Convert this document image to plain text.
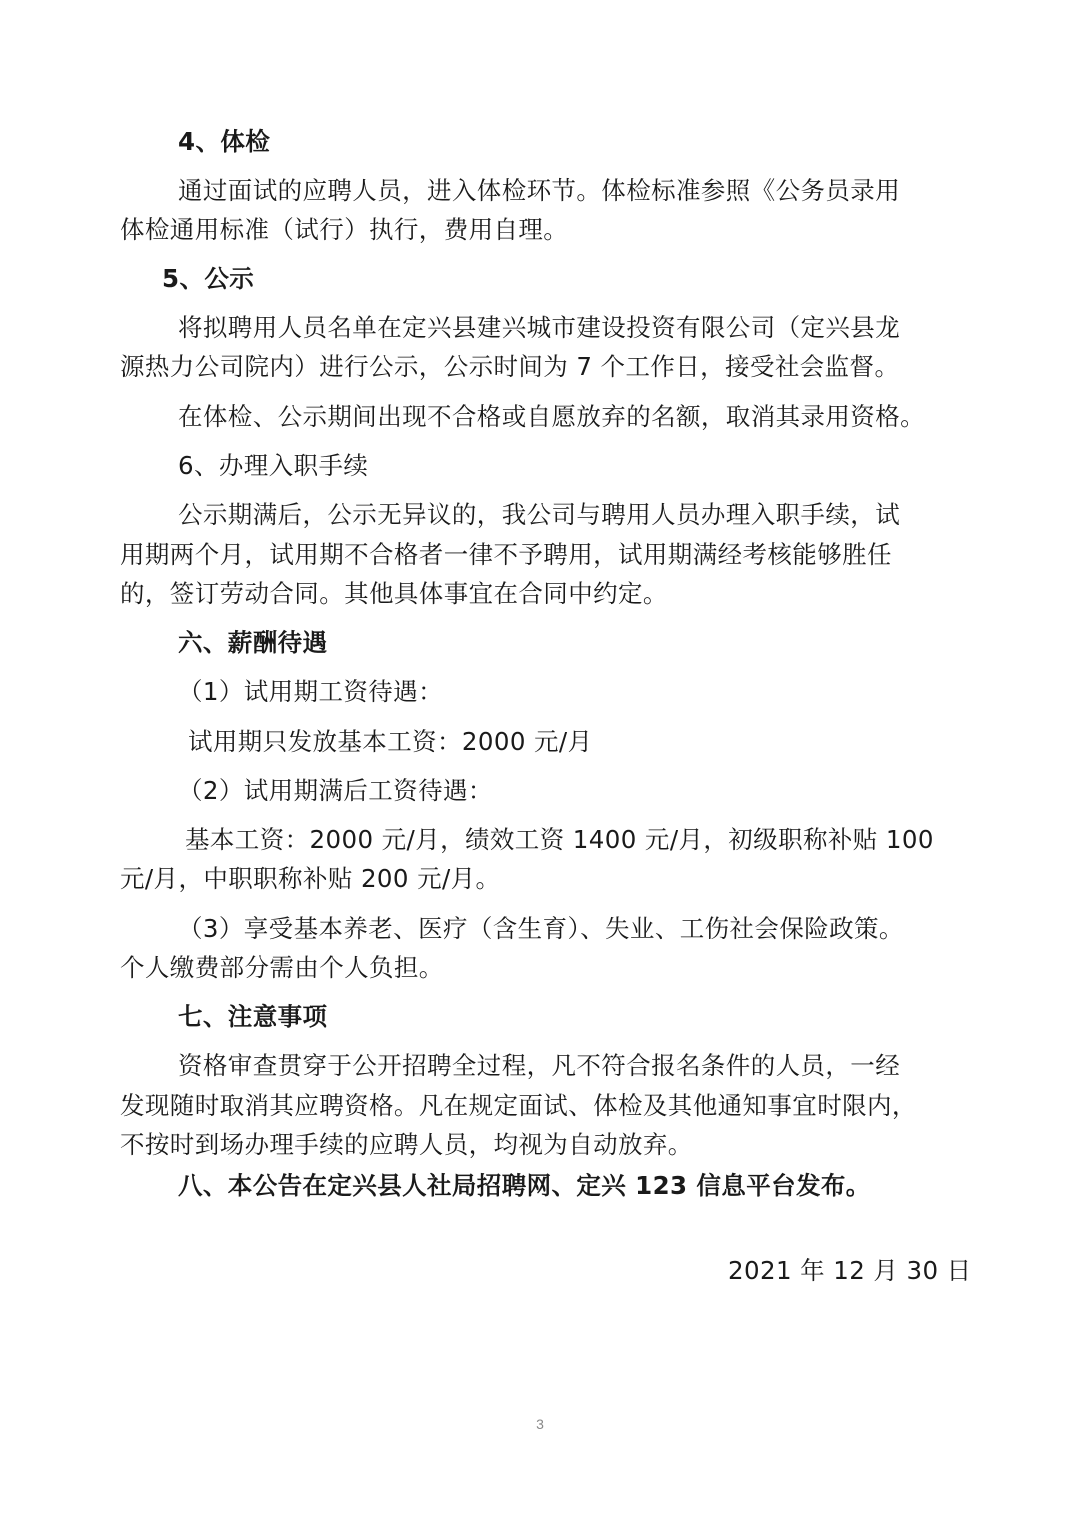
4、体检
通过面试的应聘人员，进入体检环节。体检标准参照《公务员录用
体检通用标准（试行）执行，费用自理。
5、公示
将拟聘用人员名单在定兴县建兴城市建设投资有限公司（定兴县龙
源热力公司院内）进行公示，公示时间为 7 个工作日，接受社会监督。
在体检、公示期间出现不合格或自愿放弃的名额，取消其录用资格。
6、办理入职手续
公示期满后，公示无异议的，我公司与聘用人员办理入职手续，试
用期两个月，试用期不合格者一律不予聘用，试用期满经考核能够胜任
的，签订劳动合同。其他具体事宜在合同中约定。
六、薪酬待遇
（1）试用期工资待遇：
试用期只发放基本工资：2000 元/月
（2）试用期满后工资待遇：
基本工资：2000 元/月，绩效工资 1400 元/月，初级职称补贴 100
元/月，中职职称补贴 200 元/月。
（3）享受基本养老、医疗（含生育）、失业、工伤社会保险政策。
个人缴费部分需由个人负担。
七、注意事项
资格审查贯穿于公开招聘全过程，凡不符合报名条件的人员，一经
发现随时取消其应聘资格。凡在规定面试、体检及其他通知事宜时限内，
不按时到场办理手续的应聘人员，均视为自动放弃。
八、本公告在定兴县人社局招聘网、定兴 123 信息平台发布。
2021 年 12 月 30 日
3
